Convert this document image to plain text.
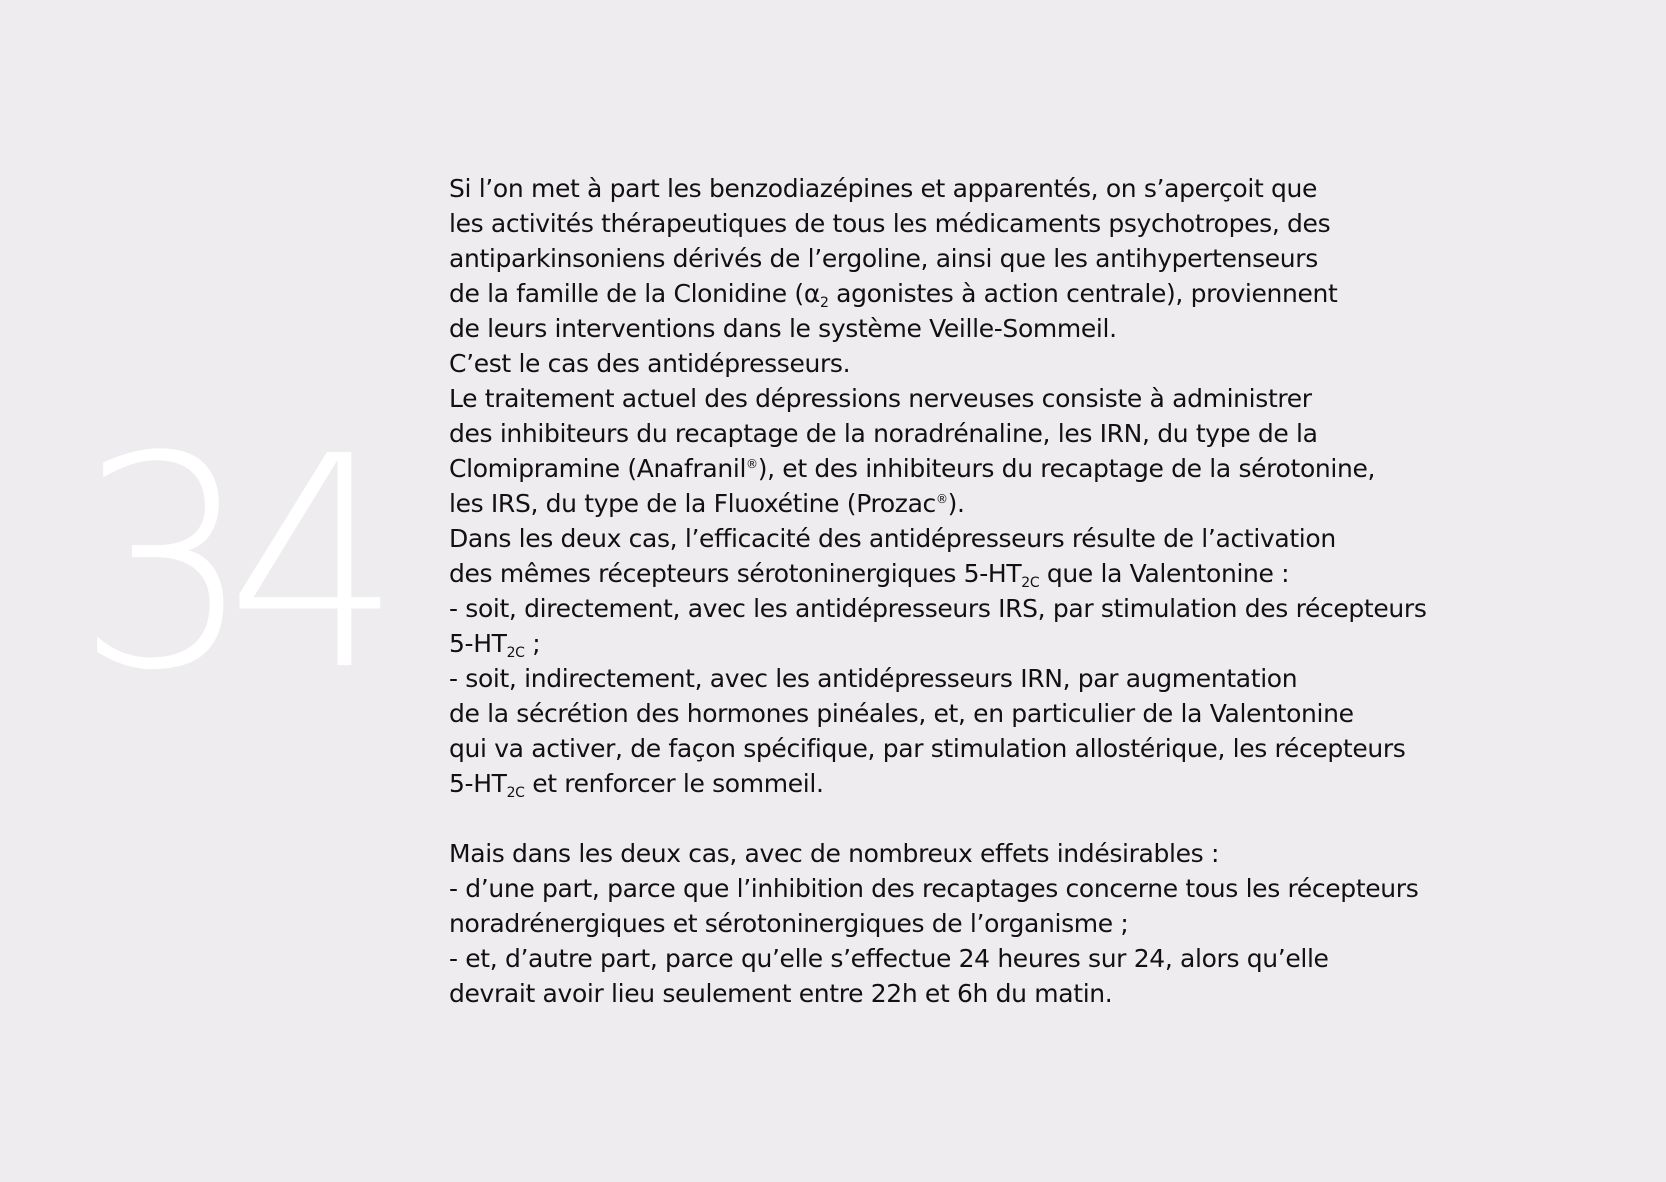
34
Si l’on met à part les benzodiazépines et apparentés, on s’aperçoit que
les activités thérapeutiques de tous les médicaments psychotropes, des
antiparkinsoniens dérivés de l’ergoline, ainsi que les antihypertenseurs
de la famille de la Clonidine ($\alpha_2$ agonistes à action centrale), proviennent
de leurs interventions dans le système Veille-Sommeil.
C’est le cas des antidépresseurs.
Le traitement actuel des dépressions nerveuses consiste à administrer
des inhibiteurs du recaptage de la noradrénaline, les IRN, du type de la
Clomipramine (Anafranil®), et des inhibiteurs du recaptage de la sérotonine,
les IRS, du type de la Fluoxétine (Prozac®).
Dans les deux cas, l’efficacité des antidépresseurs résulte de l’activation
des mêmes récepteurs sérotoninergiques $5-HT_{2C}$ que la Valentonine :
- soit, directement, avec les antidépresseurs IRS, par stimulation des récepteurs
$5-HT_{2C}$ ;
- soit, indirectement, avec les antidépresseurs IRN, par augmentation
de la sécrétion des hormones pinéales, et, en particulier de la Valentonine
qui va activer, de façon spécifique, par stimulation allostérique, les récepteurs
$5-HT_{2C}$ et renforcer le sommeil.
Mais dans les deux cas, avec de nombreux effets indésirables :
- d’une part, parce que l’inhibition des recaptages concerne tous les récepteurs
noradrénergiques et sérotoninergiques de l’organisme ;
- et, d’autre part, parce qu’elle s’effectue 24 heures sur 24, alors qu’elle
devrait avoir lieu seulement entre 22h et 6h du matin.
